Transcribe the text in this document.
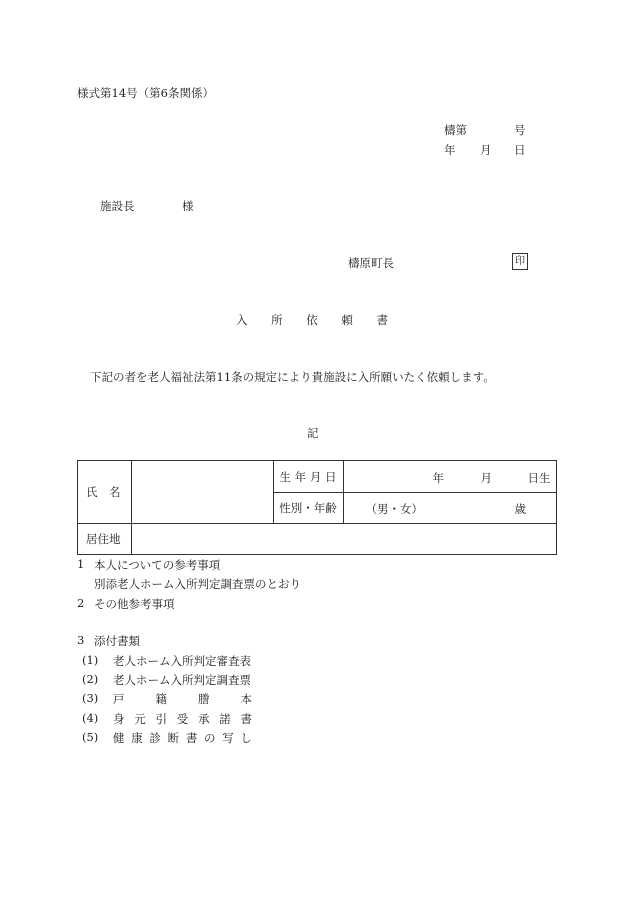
様式第14号（第6条関係）
檮第	号
年 月 日
施設長	様
檮原町長	印
入 所 依 頼 書
下記の者を老人福祉法第11条の規定により貴施設に入所願いたく依頼します。
記
氏 名		生 年 月 日	年 月 日生

		性別・年齢	（男・女） 歳

居 住 地			

1 本人についての参考事項
別添老人ホーム入所判定調査票のとおり
2 その他参考事項
3 添付書類
(1) 老人ホーム入所判定審査表
(2) 老人ホーム入所判定調査票
(3) 戸	籍	謄	本
(4) 身 元 引 受 承 諾 書
(5) 健 康 診 断 書 の 写 し
